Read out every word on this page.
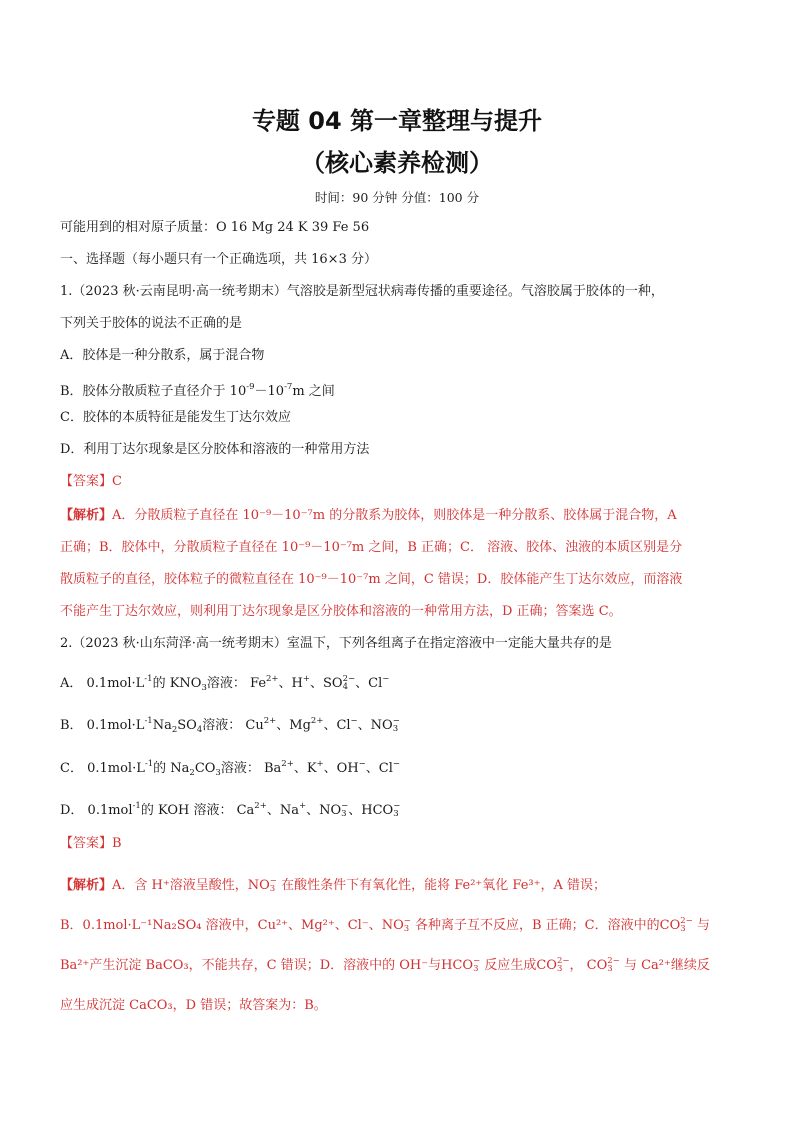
专题 04 第一章整理与提升
（核心素养检测）
时间：90 分钟 分值：100 分
可能用到的相对原子质量：O 16 Mg 24 K 39 Fe 56
一、选择题（每小题只有一个正确选项，共 16×3 分）
1.（2023 秋·云南昆明·高一统考期末）气溶胶是新型冠状病毒传播的重要途径。气溶胶属于胶体的一种，
下列关于胶体的说法不正确的是
A．胶体是一种分散系，属于混合物
B．胶体分散质粒子直径介于 $10^{-9}-10^{-7}m$ 之间
C．胶体的本质特征是能发生丁达尔效应
D．利用丁达尔现象是区分胶体和溶液的一种常用方法
【答案】C
【解析】A．分散质粒子直径在 10⁻⁹－10⁻⁷m 的分散系为胶体，则胶体是一种分散系、胶体属于混合物，A
正确；B．胶体中，分散质粒子直径在 10⁻⁹－10⁻⁷m 之间，B 正确；C． 溶液、胶体、浊液的本质区别是分
散质粒子的直径，胶体粒子的微粒直径在 10⁻⁹－10⁻⁷m 之间，C 错误；D．胶体能产生丁达尔效应，而溶液
不能产生丁达尔效应，则利用丁达尔现象是区分胶体和溶液的一种常用方法，D 正确；答案选 C。
2.（2023 秋·山东菏泽·高一统考期末）室温下，下列各组离子在指定溶液中一定能大量共存的是
A． $0.1mol\cdot L^{-1}$的 $KNO_3$溶液： $Fe^{2+}$、H+、SO 2−
4 、Cl−
B． $0.1mol\cdot L^{-1}Na_2SO_4$溶液： $Cu^{2+}$、$Mg^{2+}$、Cl−、NO −
3
C． $0.1mol\cdot L^{-1}$的 $Na_2CO_3$溶液： $Ba^{2+}$、K+、OH−、Cl−
D． 0.1mol$^{-1}$的 KOH 溶液： $Ca^{2+}$、Na+、NO −
3 、HCO −
3
【答案】B
【解析】A．含 H⁺溶液呈酸性，NO −
3 在酸性条件下有氧化性，能将 Fe²⁺氧化 Fe³⁺，A 错误；
B．0.1mol·L⁻¹Na₂SO₄ 溶液中，Cu²⁺、Mg²⁺、Cl⁻、NO −
3 各种离子互不反应，B 正确；C．溶液中的CO 2−
3 与
Ba²⁺产生沉淀 BaCO₃，不能共存，C 错误；D．溶液中的 OH⁻与HCO −
3 反应生成CO 2−
3 ， CO 2−
3 与 Ca²⁺继续反
应生成沉淀 CaCO₃，D 错误；故答案为：B。
